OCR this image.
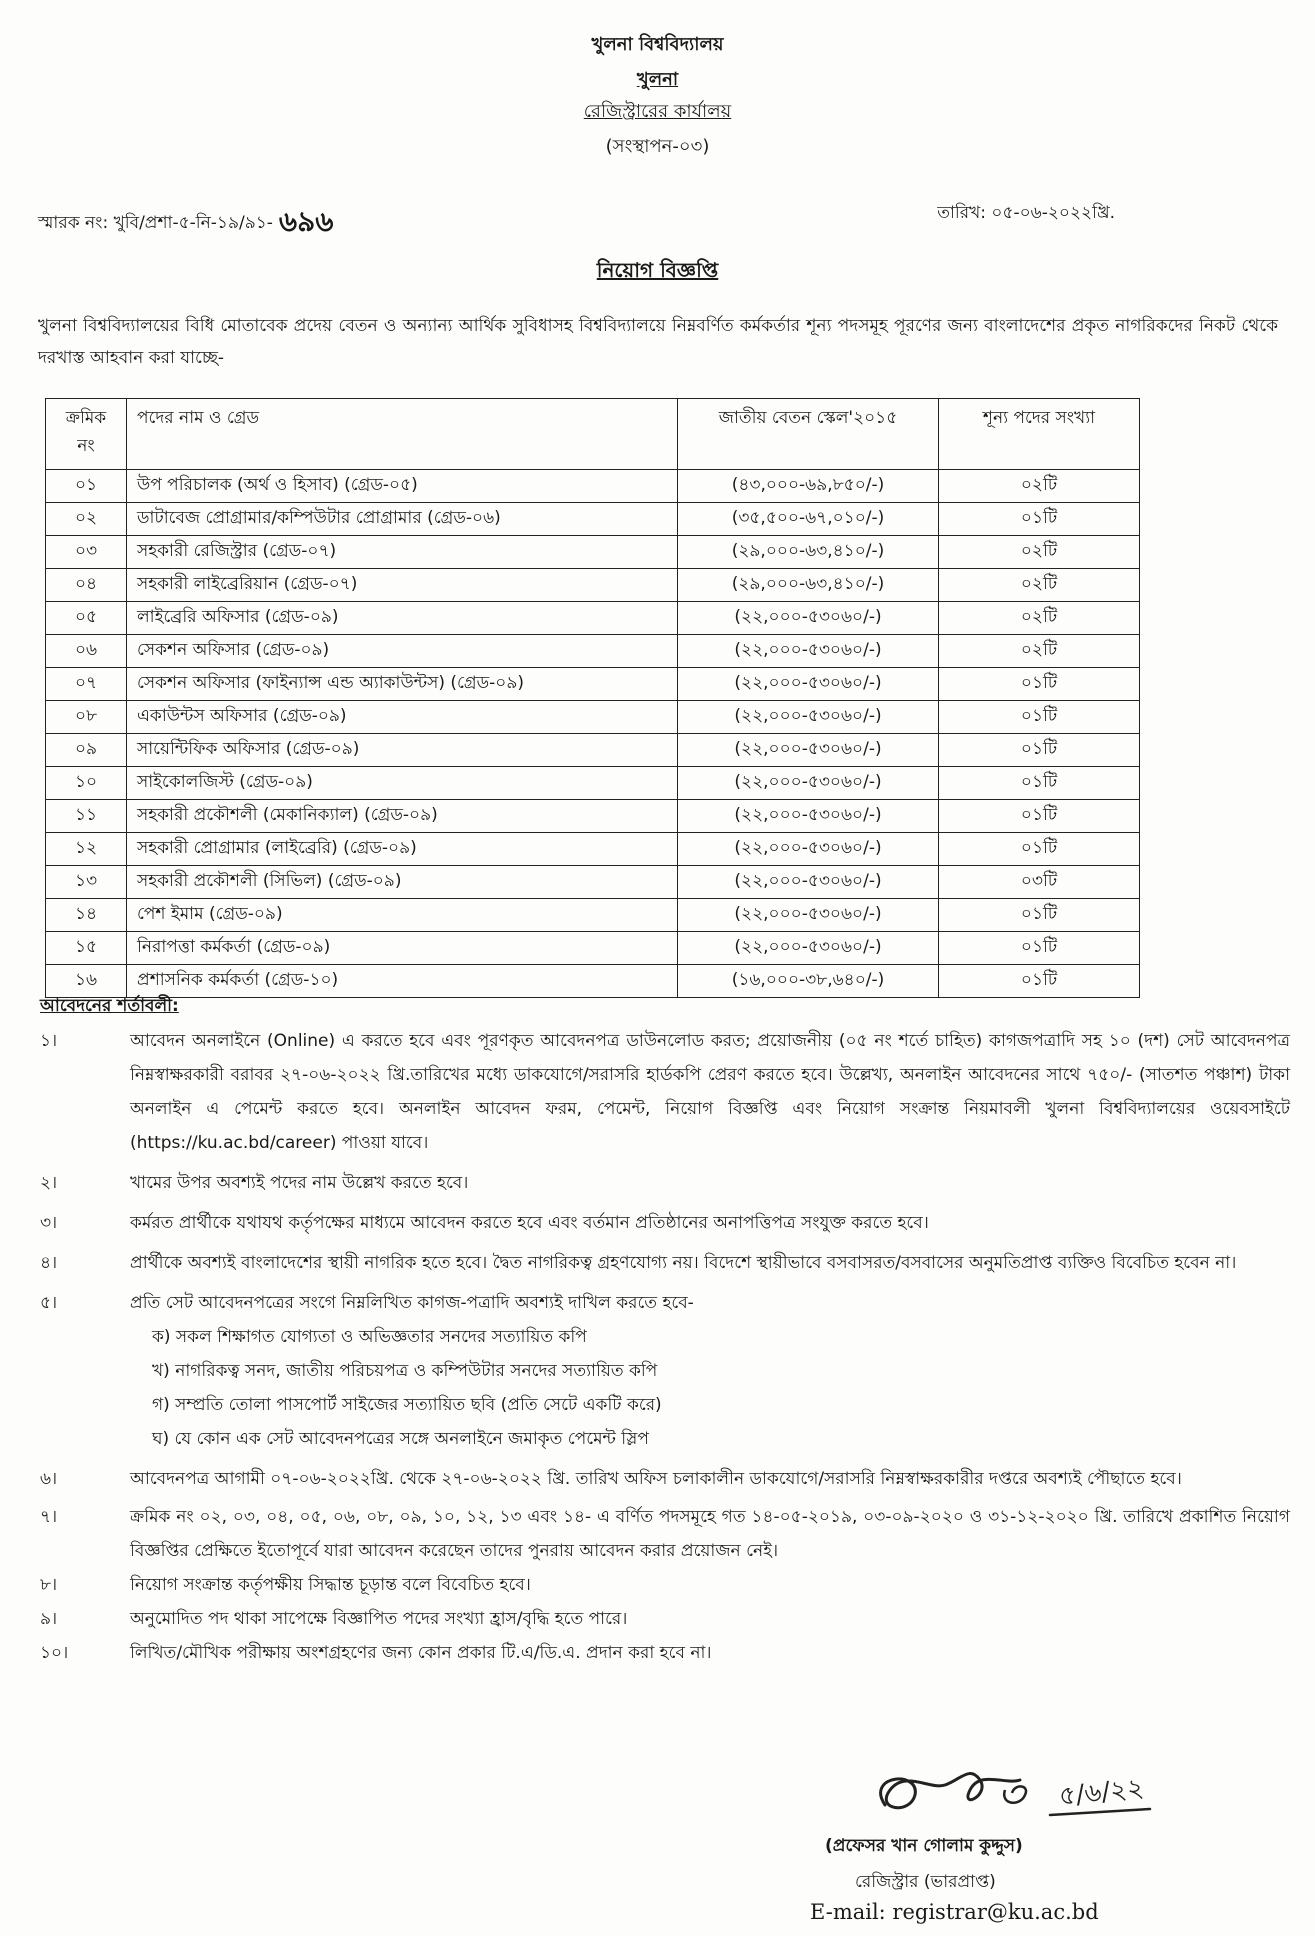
খুলনা বিশ্ববিদ্যালয়
খুলনা
রেজিস্ট্রারের কার্যালয়
(সংস্থাপন-০৩)
স্মারক নং: খুবি/প্রশা-৫-নি-১৯/৯১- ৬৯৬	তারিখ: ০৫-০৬-২০২২খ্রি.
নিয়োগ বিজ্ঞপ্তি
খুলনা বিশ্ববিদ্যালয়ের বিধি মোতাবেক প্রদেয় বেতন ও অন্যান্য আর্থিক সুবিধাসহ বিশ্ববিদ্যালয়ে নিম্নবর্ণিত কর্মকর্তার শূন্য পদসমূহ পূরণের জন্য বাংলাদেশের প্রকৃত নাগরিকদের নিকট থেকে দরখাস্ত আহবান করা যাচ্ছে-
ক্রমিক নং	পদের নাম ও গ্রেড	জাতীয় বেতন স্কেল'২০১৫	শূন্য পদের সংখ্যা
০১	উপ পরিচালক (অর্থ ও হিসাব) (গ্রেড-০৫)	(৪৩,০০০-৬৯,৮৫০/-)	০২টি
০২	ডাটাবেজ প্রোগ্রামার/কম্পিউটার প্রোগ্রামার (গ্রেড-০৬)	(৩৫,৫০০-৬৭,০১০/-)	০১টি
০৩	সহকারী রেজিস্ট্রার (গ্রেড-০৭)	(২৯,০০০-৬৩,৪১০/-)	০২টি
০৪	সহকারী লাইব্রেরিয়ান (গ্রেড-০৭)	(২৯,০০০-৬৩,৪১০/-)	০২টি
০৫	লাইব্রেরি অফিসার (গ্রেড-০৯)	(২২,০০০-৫৩০৬০/-)	০২টি
০৬	সেকশন অফিসার (গ্রেড-০৯)	(২২,০০০-৫৩০৬০/-)	০২টি
০৭	সেকশন অফিসার (ফাইন্যান্স এন্ড অ্যাকাউন্টস) (গ্রেড-০৯)	(২২,০০০-৫৩০৬০/-)	০১টি
০৮	একাউন্টস অফিসার (গ্রেড-০৯)	(২২,০০০-৫৩০৬০/-)	০১টি
০৯	সায়েন্টিফিক অফিসার (গ্রেড-০৯)	(২২,০০০-৫৩০৬০/-)	০১টি
১০	সাইকোলজিস্ট (গ্রেড-০৯)	(২২,০০০-৫৩০৬০/-)	০১টি
১১	সহকারী প্রকৌশলী (মেকানিক্যাল) (গ্রেড-০৯)	(২২,০০০-৫৩০৬০/-)	০১টি
১২	সহকারী প্রোগ্রামার (লাইব্রেরি) (গ্রেড-০৯)	(২২,০০০-৫৩০৬০/-)	০১টি
১৩	সহকারী প্রকৌশলী (সিভিল) (গ্রেড-০৯)	(২২,০০০-৫৩০৬০/-)	০৩টি
১৪	পেশ ইমাম (গ্রেড-০৯)	(২২,০০০-৫৩০৬০/-)	০১টি
১৫	নিরাপত্তা কর্মকর্তা (গ্রেড-০৯)	(২২,০০০-৫৩০৬০/-)	০১টি
১৬	প্রশাসনিক কর্মকর্তা (গ্রেড-১০)	(১৬,০০০-৩৮,৬৪০/-)	০১টি
আবেদনের শর্তাবলী:
১।	আবেদন অনলাইনে (Online) এ করতে হবে এবং পূরণকৃত আবেদনপত্র ডাউনলোড করত; প্রয়োজনীয় (০৫ নং শর্তে চাহিত) কাগজপত্রাদি সহ ১০ (দশ) সেট আবেদনপত্র নিম্নস্বাক্ষরকারী বরাবর ২৭-০৬-২০২২ খ্রি.তারিখের মধ্যে ডাকযোগে/সরাসরি হার্ডকপি প্রেরণ করতে হবে। উল্লেখ্য, অনলাইন আবেদনের সাথে ৭৫০/- (সাতশত পঞ্চাশ) টাকা অনলাইন এ পেমেন্ট করতে হবে। অনলাইন আবেদন ফরম, পেমেন্ট, নিয়োগ বিজ্ঞপ্তি এবং নিয়োগ সংক্রান্ত নিয়মাবলী খুলনা বিশ্ববিদ্যালয়ের ওয়েবসাইটে (https://ku.ac.bd/career) পাওয়া যাবে।
২।	খামের উপর অবশ্যই পদের নাম উল্লেখ করতে হবে।
৩।	কর্মরত প্রার্থীকে যথাযথ কর্তৃপক্ষের মাধ্যমে আবেদন করতে হবে এবং বর্তমান প্রতিষ্ঠানের অনাপত্তিপত্র সংযুক্ত করতে হবে।
৪।	প্রার্থীকে অবশ্যই বাংলাদেশের স্থায়ী নাগরিক হতে হবে। দ্বৈত নাগরিকত্ব গ্রহণযোগ্য নয়। বিদেশে স্থায়ীভাবে বসবাসরত/বসবাসের অনুমতিপ্রাপ্ত ব্যক্তিও বিবেচিত হবেন না।
৫।	প্রতি সেট আবেদনপত্রের সংগে নিম্নলিখিত কাগজ-পত্রাদি অবশ্যই দাখিল করতে হবে-
ক) সকল শিক্ষাগত যোগ্যতা ও অভিজ্ঞতার সনদের সত্যায়িত কপি
খ) নাগরিকত্ব সনদ, জাতীয় পরিচয়পত্র ও কম্পিউটার সনদের সত্যায়িত কপি
গ) সম্প্রতি তোলা পাসপোর্ট সাইজের সত্যায়িত ছবি (প্রতি সেটে একটি করে)
ঘ) যে কোন এক সেট আবেদনপত্রের সঙ্গে অনলাইনে জমাকৃত পেমেন্ট স্লিপ
৬।	আবেদনপত্র আগামী ০৭-০৬-২০২২খ্রি. থেকে ২৭-০৬-২০২২ খ্রি. তারিখ অফিস চলাকালীন ডাকযোগে/সরাসরি নিম্নস্বাক্ষরকারীর দপ্তরে অবশ্যই পৌছাতে হবে।
৭।	ক্রমিক নং ০২, ০৩, ০৪, ০৫, ০৬, ০৮, ০৯, ১০, ১২, ১৩ এবং ১৪- এ বর্ণিত পদসমূহে গত ১৪-০৫-২০১৯, ০৩-০৯-২০২০ ও ৩১-১২-২০২০ খ্রি. তারিখে প্রকাশিত নিয়োগ বিজ্ঞপ্তির প্রেক্ষিতে ইতোপূর্বে যারা আবেদন করেছেন তাদের পুনরায় আবেদন করার প্রয়োজন নেই।
৮।	নিয়োগ সংক্রান্ত কর্তৃপক্ষীয় সিদ্ধান্ত চূড়ান্ত বলে বিবেচিত হবে।
৯।	অনুমোদিত পদ থাকা সাপেক্ষে বিজ্ঞাপিত পদের সংখ্যা হ্রাস/বৃদ্ধি হতে পারে।
১০।	লিখিত/মৌখিক পরীক্ষায় অংশগ্রহণের জন্য কোন প্রকার টি.এ/ডি.এ. প্রদান করা হবে না।
৫/৬/২২
(প্রফেসর খান গোলাম কুদ্দুস)
রেজিস্ট্রার (ভারপ্রাপ্ত)
E-mail: registrar@ku.ac.bd
